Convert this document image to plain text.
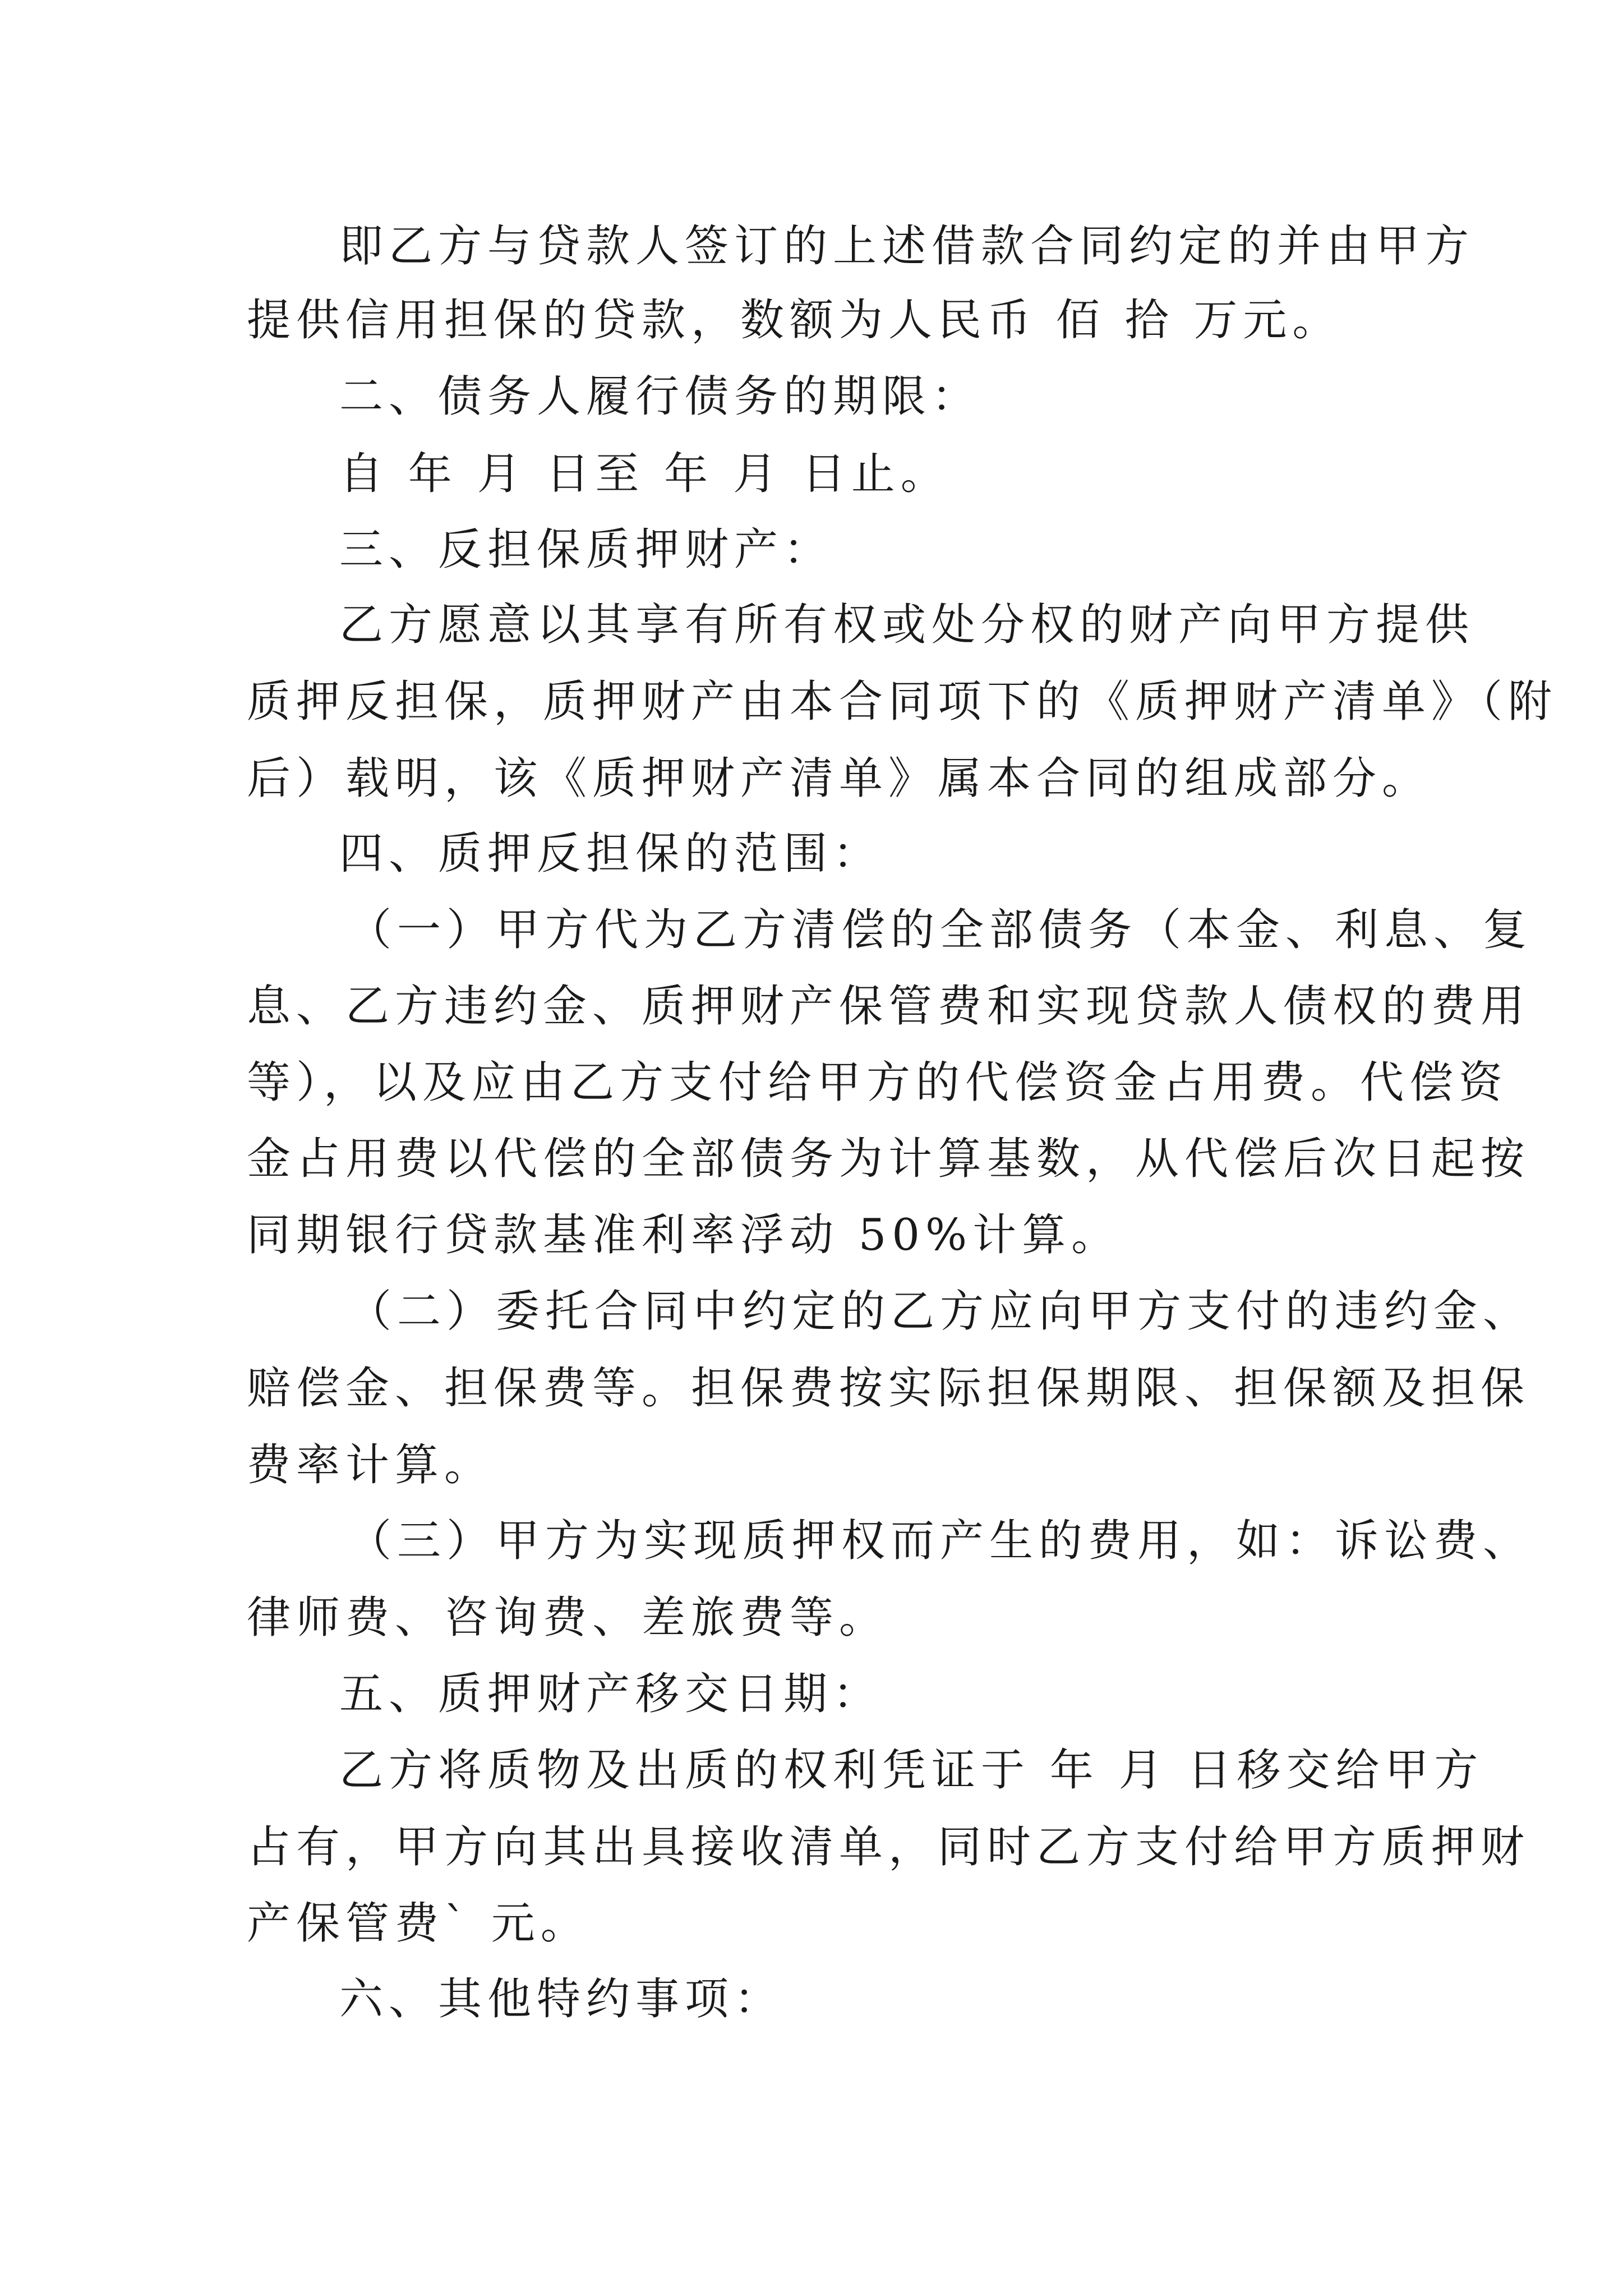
即乙方与贷款人签订的上述借款合同约定的并由甲方
提供信用担保的贷款，数额为人民币 佰 拾 万元。
二、债务人履行债务的期限：
自 年 月 日至 年 月 日止。
三、反担保质押财产：
乙方愿意以其享有所有权或处分权的财产向甲方提供
质押反担保，质押财产由本合同项下的《质押财产清单》（附
后）载明，该《质押财产清单》属本合同的组成部分。
四、质押反担保的范围：
（一）甲方代为乙方清偿的全部债务（本金、利息、复
息、乙方违约金、质押财产保管费和实现贷款人债权的费用
等），以及应由乙方支付给甲方的代偿资金占用费。代偿资
金占用费以代偿的全部债务为计算基数，从代偿后次日起按
同期银行贷款基准利率浮动 50%计算。
（二）委托合同中约定的乙方应向甲方支付的违约金、
赔偿金、担保费等。担保费按实际担保期限、担保额及担保
费率计算。
（三）甲方为实现质押权而产生的费用，如：诉讼费、
律师费、咨询费、差旅费等。
五、质押财产移交日期：
乙方将质物及出质的权利凭证于 年 月 日移交给甲方
占有，甲方向其出具接收清单，同时乙方支付给甲方质押财
产保管费` 元。
六、其他特约事项：
